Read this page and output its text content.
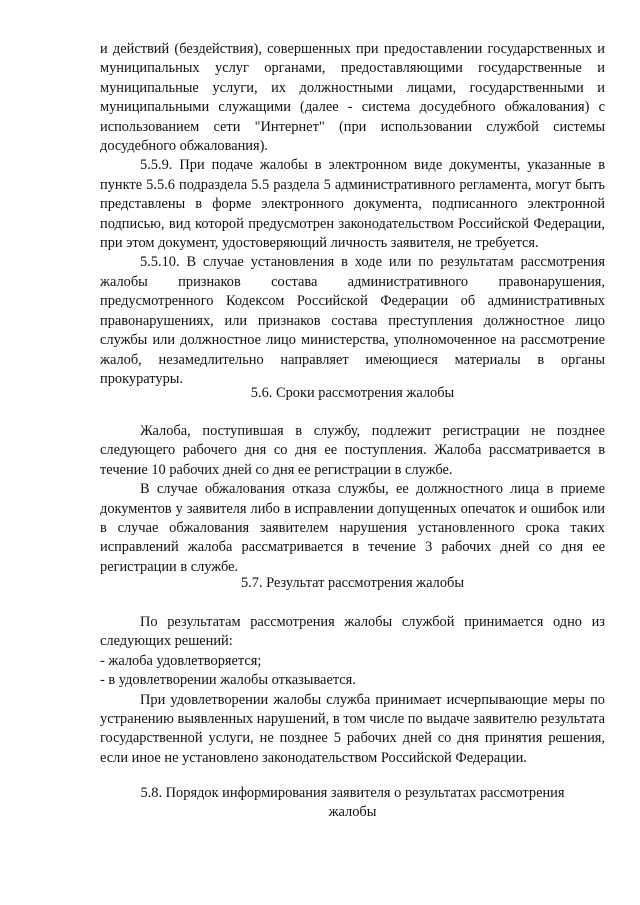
и действий (бездействия), совершенных при предоставлении государственных и муниципальных услуг органами, предоставляющими государственные и муниципальные услуги, их должностными лицами, государственными и муниципальными служащими (далее - система досудебного обжалования) с использованием сети "Интернет" (при использовании службой системы досудебного обжалования).

5.5.9. При подаче жалобы в электронном виде документы, указанные в пункте 5.5.6 подраздела 5.5 раздела 5 административного регламента, могут быть представлены в форме электронного документа, подписанного электронной подписью, вид которой предусмотрен законодательством Российской Федерации, при этом документ, удостоверяющий личность заявителя, не требуется.

5.5.10. В случае установления в ходе или по результатам рассмотрения жалобы признаков состава административного правонарушения, предусмотренного Кодексом Российской Федерации об административных правонарушениях, или признаков состава преступления должностное лицо службы или должностное лицо министерства, уполномоченное на рассмотрение жалоб, незамедлительно направляет имеющиеся материалы в органы прокуратуры.

5.6. Сроки рассмотрения жалобы

Жалоба, поступившая в службу, подлежит регистрации не позднее следующего рабочего дня со дня ее поступления. Жалоба рассматривается в течение 10 рабочих дней со дня ее регистрации в службе.

В случае обжалования отказа службы, ее должностного лица в приеме документов у заявителя либо в исправлении допущенных опечаток и ошибок или в случае обжалования заявителем нарушения установленного срока таких исправлений жалоба рассматривается в течение 3 рабочих дней со дня ее регистрации в службе.

5.7. Результат рассмотрения жалобы

По результатам рассмотрения жалобы службой принимается одно из следующих решений:

- жалоба удовлетворяется;

- в удовлетворении жалобы отказывается.

При удовлетворении жалобы служба принимает исчерпывающие меры по устранению выявленных нарушений, в том числе по выдаче заявителю результата государственной услуги, не позднее 5 рабочих дней со дня принятия решения, если иное не установлено законодательством Российской Федерации.

5.8. Порядок информирования заявителя о результатах рассмотрения
жалобы
